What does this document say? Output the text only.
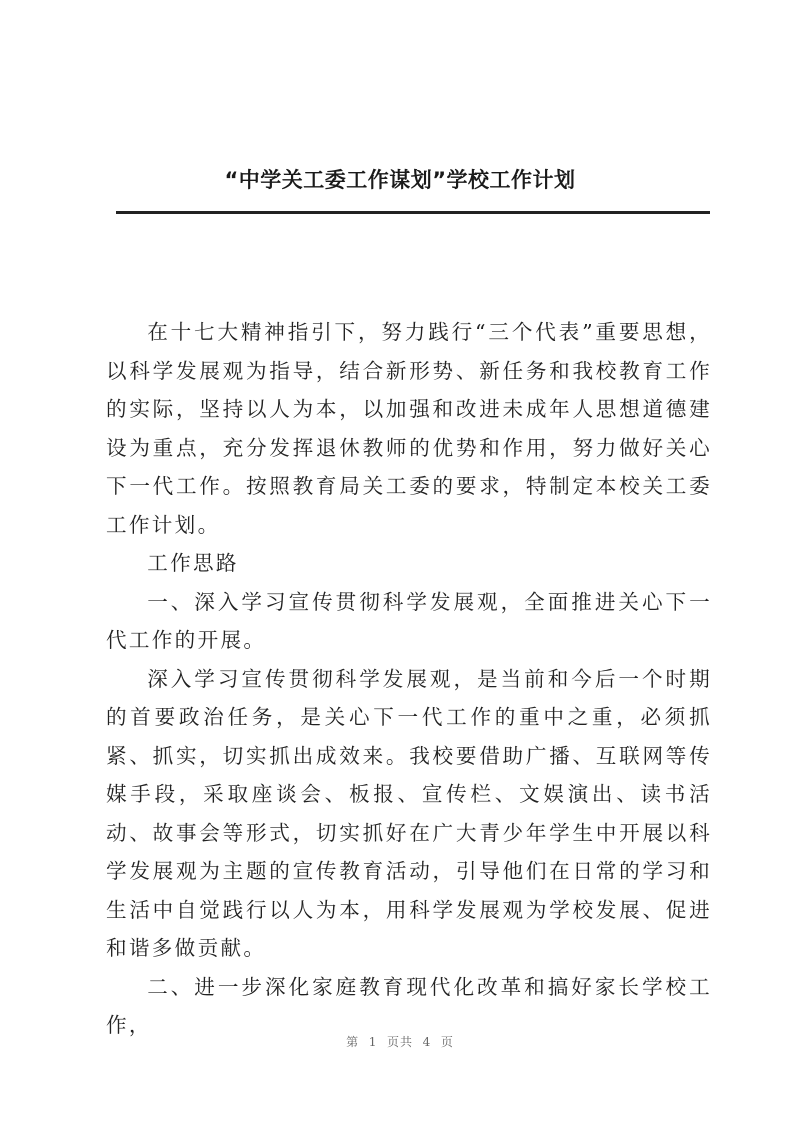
“中学关工委工作谋划”学校工作计划

在十七大精神指引下，努力践行“三个代表”重要思想，以科学发展观为指导，结合新形势、新任务和我校教育工作的实际，坚持以人为本，以加强和改进未成年人思想道德建设为重点，充分发挥退休教师的优势和作用，努力做好关心下一代工作。按照教育局关工委的要求，特制定本校关工委工作计划。

工作思路

一、深入学习宣传贯彻科学发展观，全面推进关心下一代工作的开展。

深入学习宣传贯彻科学发展观，是当前和今后一个时期的首要政治任务，是关心下一代工作的重中之重，必须抓紧、抓实，切实抓出成效来。我校要借助广播、互联网等传媒手段，采取座谈会、板报、宣传栏、文娱演出、读书活动、故事会等形式，切实抓好在广大青少年学生中开展以科学发展观为主题的宣传教育活动，引导他们在日常的学习和生活中自觉践行以人为本，用科学发展观为学校发展、促进和谐多做贡献。

二、进一步深化家庭教育现代化改革和搞好家长学校工作，

第  1  页共  4  页
